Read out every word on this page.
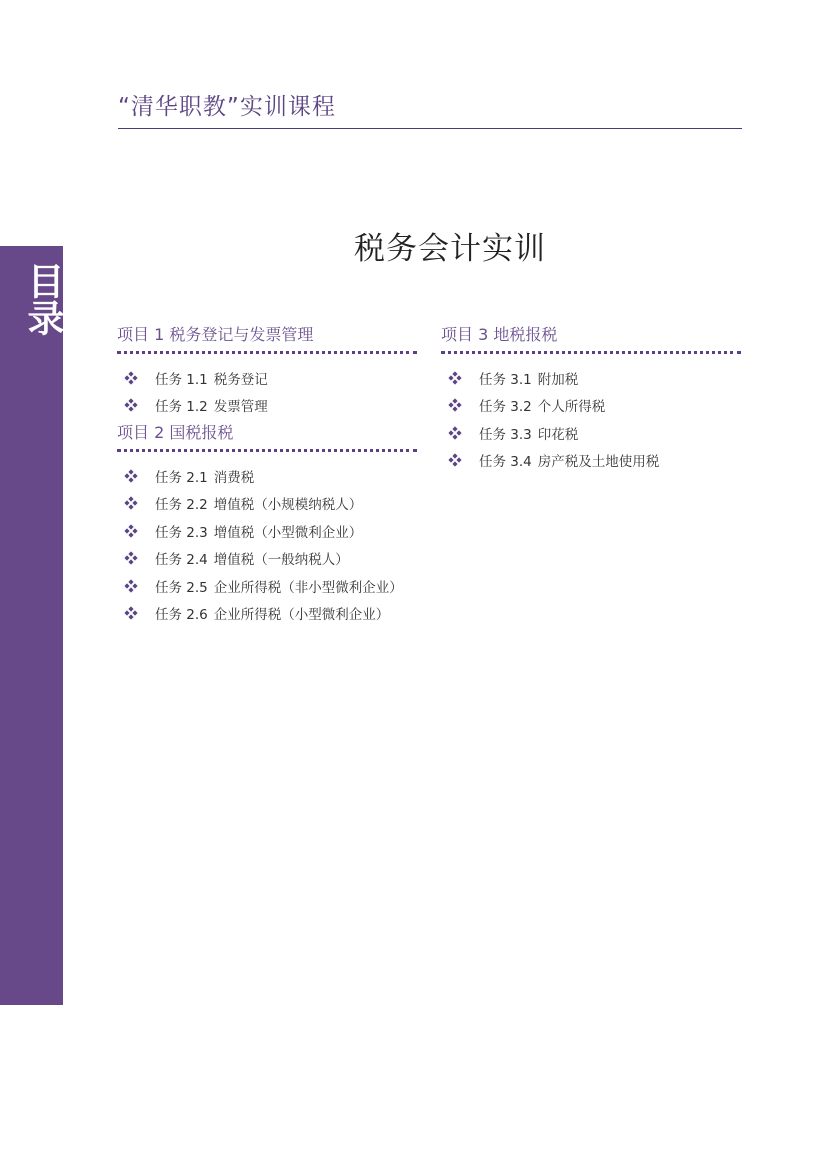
“清华职教”实训课程
目录
税务会计实训
项目 1 税务登记与发票管理
任务 1.1 税务登记
任务 1.2 发票管理
项目 2 国税报税
任务 2.1 消费税
任务 2.2 增值税（小规模纳税人）
任务 2.3 增值税（小型微利企业）
任务 2.4 增值税（一般纳税人）
任务 2.5 企业所得税（非小型微利企业）
任务 2.6 企业所得税（小型微利企业）
项目 3 地税报税
任务 3.1 附加税
任务 3.2 个人所得税
任务 3.3 印花税
任务 3.4 房产税及土地使用税
